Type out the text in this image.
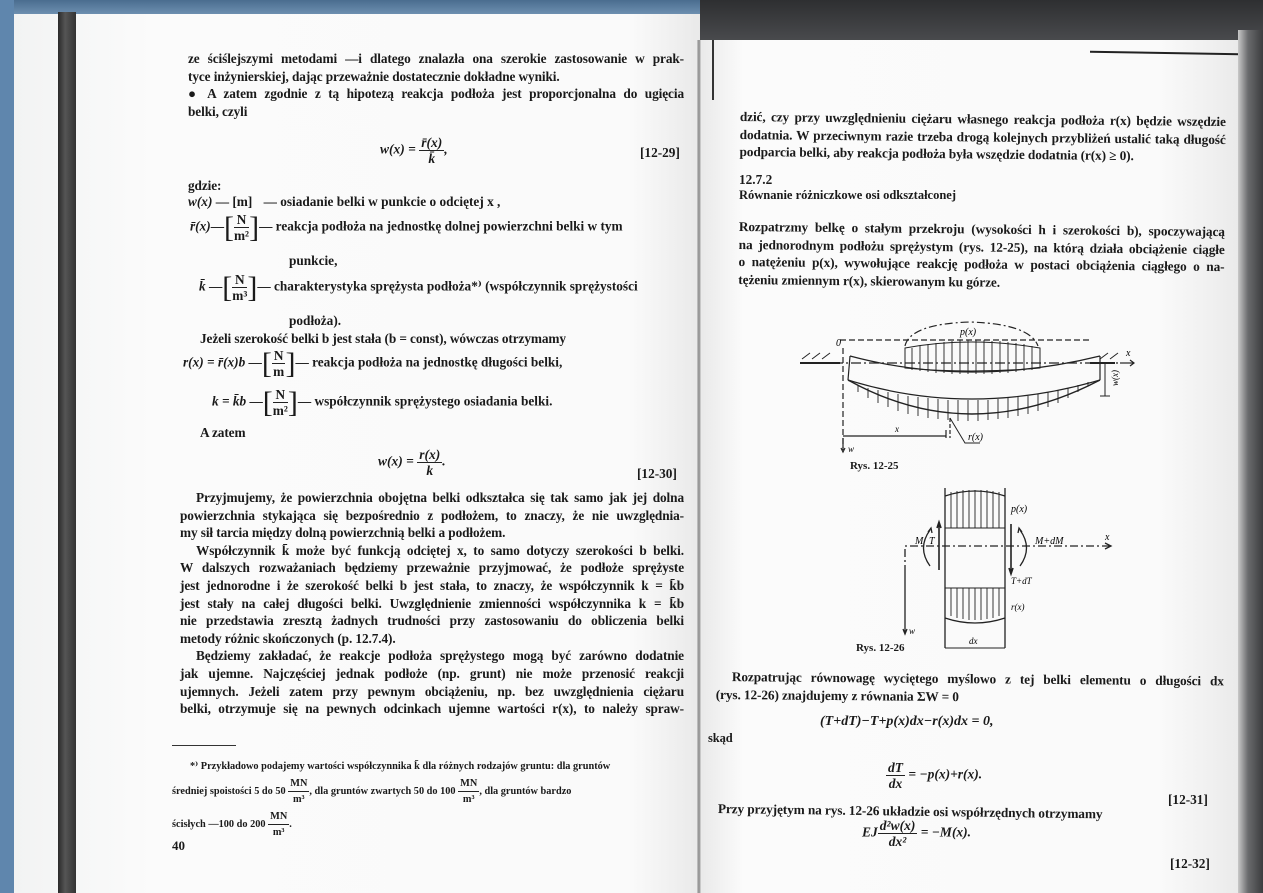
ze ściślejszymi metodami —i dlatego znalazła ona szerokie zastosowanie w prak-

tyce inżynierskiej, dając przeważnie dostatecznie dokładne wyniki.

● A zatem zgodnie z tą hipotezą reakcja podłoża jest proporcjonalna do ugięcia

belki, czyli

$w(x) = \frac{r̄(x)}{k̄}$ ,	[12-29]
gdzie:
w(x) — [m] — osiadanie belki w punkcie o odciętej x ,
r̄(x)—[ $\frac{N}{\text{m²}}$ ]— reakcja podłoża na jednostkę dolnej powierzchni belki w tym
punkcie,
k̄ —[ $\frac{N}{\text{m³}}$ ]— charakterystyka sprężysta podłoża*⁾ (współczynnik sprężystości
podłoża).
Jeżeli szerokość belki b jest stała (b = const), wówczas otrzymamy
r(x) = r̄(x)b —[ $\frac{N}{m}$ ]— reakcja podłoża na jednostkę długości belki,
k = k̄b —[ $\frac{N}{\text{m²}}$ ]— współczynnik sprężystego osiadania belki.
A zatem
$w(x) = \frac{r(x)}{k}$ .
[12-30]

Przyjmujemy, że powierzchnia obojętna belki odkształca się tak samo jak jej dolna

powierzchnia stykająca się bezpośrednio z podłożem, to znaczy, że nie uwzględnia-

my sił tarcia między dolną powierzchnią belki a podłożem.

Współczynnik k̄ może być funkcją odciętej x, to samo dotyczy szerokości b belki.

W dalszych rozważaniach będziemy przeważnie przyjmować, że podłoże sprężyste

jest jednorodne i że szerokość belki b jest stała, to znaczy, że współczynnik k = k̄b

jest stały na całej długości belki. Uwzględnienie zmienności współczynnika k = k̄b

nie przedstawia zresztą żadnych trudności przy zastosowaniu do obliczenia belki

metody różnic skończonych (p. 12.7.4).

Będziemy zakładać, że reakcje podłoża sprężystego mogą być zarówno dodatnie

jak ujemne. Najczęściej jednak podłoże (np. grunt) nie może przenosić reakcji

ujemnych. Jeżeli zatem przy pewnym obciążeniu, np. bez uwzględnienia ciężaru

belki, otrzymuje się na pewnych odcinkach ujemne wartości r(x), to należy spraw-

*⁾ Przykładowo podajemy wartości współczynnika k̄ dla różnych rodzajów gruntu: dla gruntów
średniej spoistości 5 do $50 \frac{MN}{\text{m³}}$ , dla gruntów zwartych 50 do $100 \frac{MN}{\text{m³}}$ , dla gruntów bardzo
ścisłych —100 do $200 \frac{MN}{\text{m³}}$ .
40

dzić, czy przy uwzględnieniu ciężaru własnego reakcja podłoża r(x) będzie wszędzie

dodatnia. W przeciwnym razie trzeba drogą kolejnych przybliżeń ustalić taką długość

podparcia belki, aby reakcja podłoża była wszędzie dodatnia (r(x) ≥ 0).

12.7.2
Równanie różniczkowe osi odkształconej

Rozpatrzmy belkę o stałym przekroju (wysokości h i szerokości b), spoczywającą

na jednorodnym podłożu sprężystym (rys. 12-25), na którą działa obciążenie ciągłe

o natężeniu p(x), wywołujące reakcję podłoża w postaci obciążenia ciągłego o na-

tężeniu zmiennym r(x), skierowanym ku górze.

p(x)
0
x
w(x)
r(x)
w
x
Rys. 12-25
p(x)
M T	M+dM
T+dT
x
r(x)
w
dx
Rys. 12-26

Rozpatrując równowagę wyciętego myślowo z tej belki elementu o długości dx

(rys. 12-26) znajdujemy z równania ΣW = 0

(T+dT)−T+p(x)dx−r(x)dx = 0,
skąd
$\frac{dT}{dx} = -p(x)+r(x)$.
[12-31]
Przy przyjętym na rys. 12-26 układzie osi współrzędnych otrzymamy
EJ $\frac{\text{d²w(x)}}{\text{dx²}} = -M(x)$.
[12-32]
